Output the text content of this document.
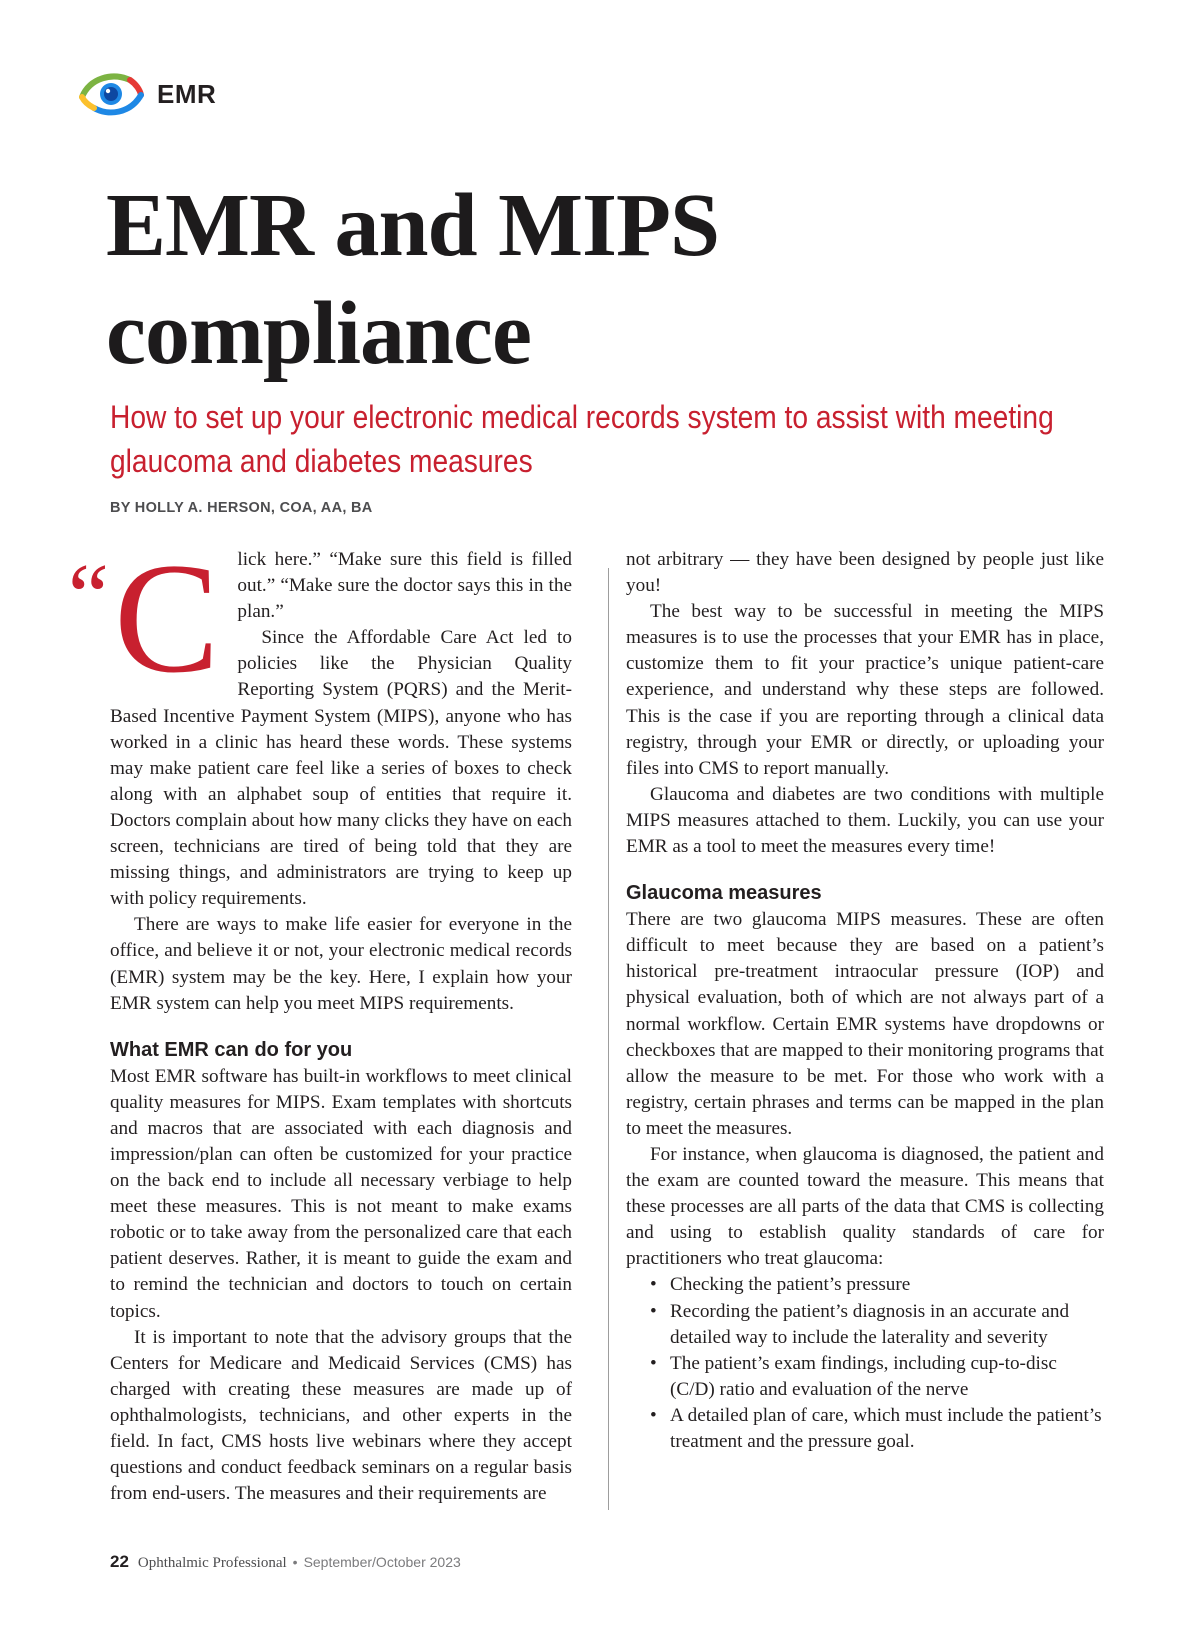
EMR
EMR and MIPS compliance

How to set up your electronic medical records system to assist with meeting glaucoma and diabetes measures

BY HOLLY A. HERSON, COA, AA, BA
“ Click here.” “Make sure this field is filled out.” “Make sure the doctor says this in the plan.”

Since the Affordable Care Act led to policies like the Physician Quality Reporting System (PQRS) and the Merit-Based Incentive Payment System (MIPS), anyone who has worked in a clinic has heard these words. These systems may make patient care feel like a series of boxes to check along with an alphabet soup of entities that require it. Doctors complain about how many clicks they have on each screen, technicians are tired of being told that they are missing things, and administrators are trying to keep up with policy requirements.

There are ways to make life easier for everyone in the office, and believe it or not, your electronic medical records (EMR) system may be the key. Here, I explain how your EMR system can help you meet MIPS requirements.

What EMR can do for you

Most EMR software has built-in workflows to meet clinical quality measures for MIPS. Exam templates with shortcuts and macros that are associated with each diagnosis and impression/plan can often be customized for your practice on the back end to include all necessary verbiage to help meet these measures. This is not meant to make exams robotic or to take away from the personalized care that each patient deserves. Rather, it is meant to guide the exam and to remind the technician and doctors to touch on certain topics.

It is important to note that the advisory groups that the Centers for Medicare and Medicaid Services (CMS) has charged with creating these measures are made up of ophthalmologists, technicians, and other experts in the field. In fact, CMS hosts live webinars where they accept questions and conduct feedback seminars on a regular basis from end-users. The measures and their requirements are

not arbitrary — they have been designed by people just like you!

The best way to be successful in meeting the MIPS measures is to use the processes that your EMR has in place, customize them to fit your practice’s unique patient-care experience, and understand why these steps are followed. This is the case if you are reporting through a clinical data registry, through your EMR or directly, or uploading your files into CMS to report manually.

Glaucoma and diabetes are two conditions with multiple MIPS measures attached to them. Luckily, you can use your EMR as a tool to meet the measures every time!

Glaucoma measures

There are two glaucoma MIPS measures. These are often difficult to meet because they are based on a patient’s historical pre-treatment intraocular pressure (IOP) and physical evaluation, both of which are not always part of a normal workflow. Certain EMR systems have dropdowns or checkboxes that are mapped to their monitoring programs that allow the measure to be met. For those who work with a registry, certain phrases and terms can be mapped in the plan to meet the measures.

For instance, when glaucoma is diagnosed, the patient and the exam are counted toward the measure. This means that these processes are all parts of the data that CMS is collecting and using to establish quality standards of care for practitioners who treat glaucoma:

• Checking the patient’s pressure
• Recording the patient’s diagnosis in an accurate and detailed way to include the laterality and severity
• The patient’s exam findings, including cup-to-disc (C/D) ratio and evaluation of the nerve
• A detailed plan of care, which must include the patient’s treatment and the pressure goal.
22 Ophthalmic Professional • September/October 2023
